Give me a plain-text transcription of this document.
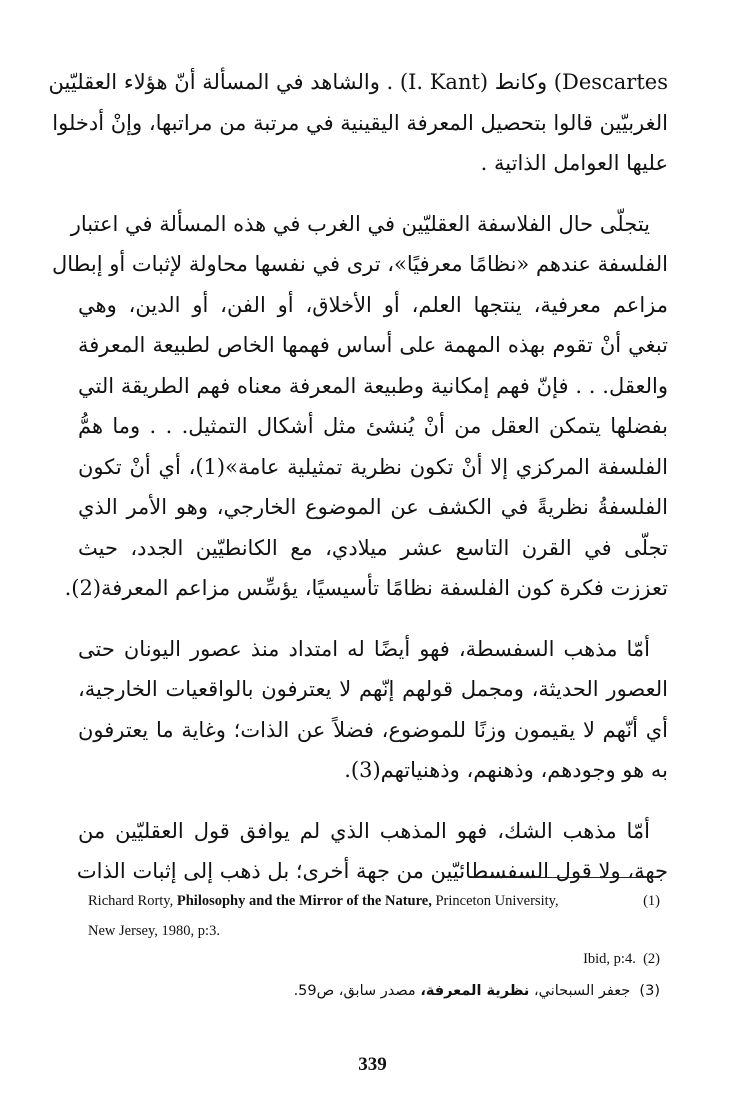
Descartes) وكانط (I. Kant) . والشاهد في المسألة أنّ هؤلاء العقليّين
الغربيّين قالوا بتحصيل المعرفة اليقينية في مرتبة من مراتبها، وإنْ أدخلوا
عليها العوامل الذاتية .
يتجلّى حال الفلاسفة العقليّين في الغرب في هذه المسألة في اعتبار
الفلسفة عندهم «نظامًا معرفيًا»، ترى في نفسها محاولة لإثبات أو إبطال
مزاعم معرفية، ينتجها العلم، أو الأخلاق، أو الفن، أو الدين، وهي
تبغي أنْ تقوم بهذه المهمة على أساس فهمها الخاص لطبيعة المعرفة
والعقل. . . فإنّ فهم إمكانية وطبيعة المعرفة معناه فهم الطريقة التي
بفضلها يتمكن العقل من أنْ يُنشئ مثل أشكال التمثيل. . . وما همُّ
الفلسفة المركزي إلا أنْ تكون نظرية تمثيلية عامة»(1)، أي أنْ تكون
الفلسفةُ نظريةً في الكشف عن الموضوع الخارجي، وهو الأمر الذي
تجلّى في القرن التاسع عشر ميلادي، مع الكانطيّين الجدد، حيث
تعززت فكرة كون الفلسفة نظامًا تأسيسيًا، يؤسِّس مزاعم المعرفة(2).
أمّا مذهب السفسطة، فهو أيضًا له امتداد منذ عصور اليونان حتى
العصور الحديثة، ومجمل قولهم إنّهم لا يعترفون بالواقعيات الخارجية،
أي أنّهم لا يقيمون وزنًا للموضوع، فضلاً عن الذات؛ وغاية ما يعترفون
به هو وجودهم، وذهنهم، وذهنياتهم(3).
أمّا مذهب الشك، فهو المذهب الذي لم يوافق قول العقليّين من
جهة، ولا قول السفسطائيّين من جهة أخرى؛ بل ذهب إلى إثبات الذات
Richard Rorty, Philosophy and the Mirror of the Nature, Princeton University,	(1)
New Jersey, 1980, p:3.
Ibid, p:4. (2)
(3)  جعفر السبحاني، نظرية المعرفة، مصدر سابق، ص59.
339
